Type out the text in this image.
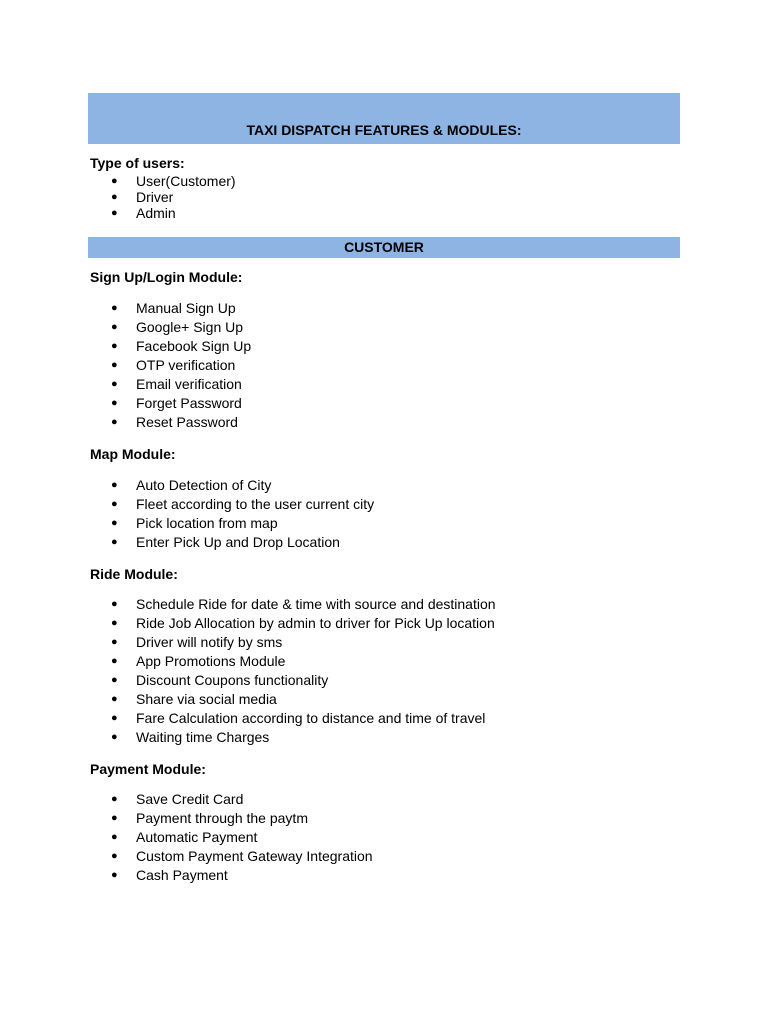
TAXI DISPATCH FEATURES & MODULES:
Type of users:
● User(Customer)
● Driver
● Admin
CUSTOMER
Sign Up/Login Module:
● Manual Sign Up
● Google+ Sign Up
● Facebook Sign Up
● OTP verification
● Email verification
● Forget Password
● Reset Password
Map Module:
● Auto Detection of City
● Fleet according to the user current city
● Pick location from map
● Enter Pick Up and Drop Location
Ride Module:
● Schedule Ride for date & time with source and destination
● Ride Job Allocation by admin to driver for Pick Up location
● Driver will notify by sms
● App Promotions Module
● Discount Coupons functionality
● Share via social media
● Fare Calculation according to distance and time of travel
● Waiting time Charges
Payment Module:
● Save Credit Card
● Payment through the paytm
● Automatic Payment
● Custom Payment Gateway Integration
● Cash Payment
